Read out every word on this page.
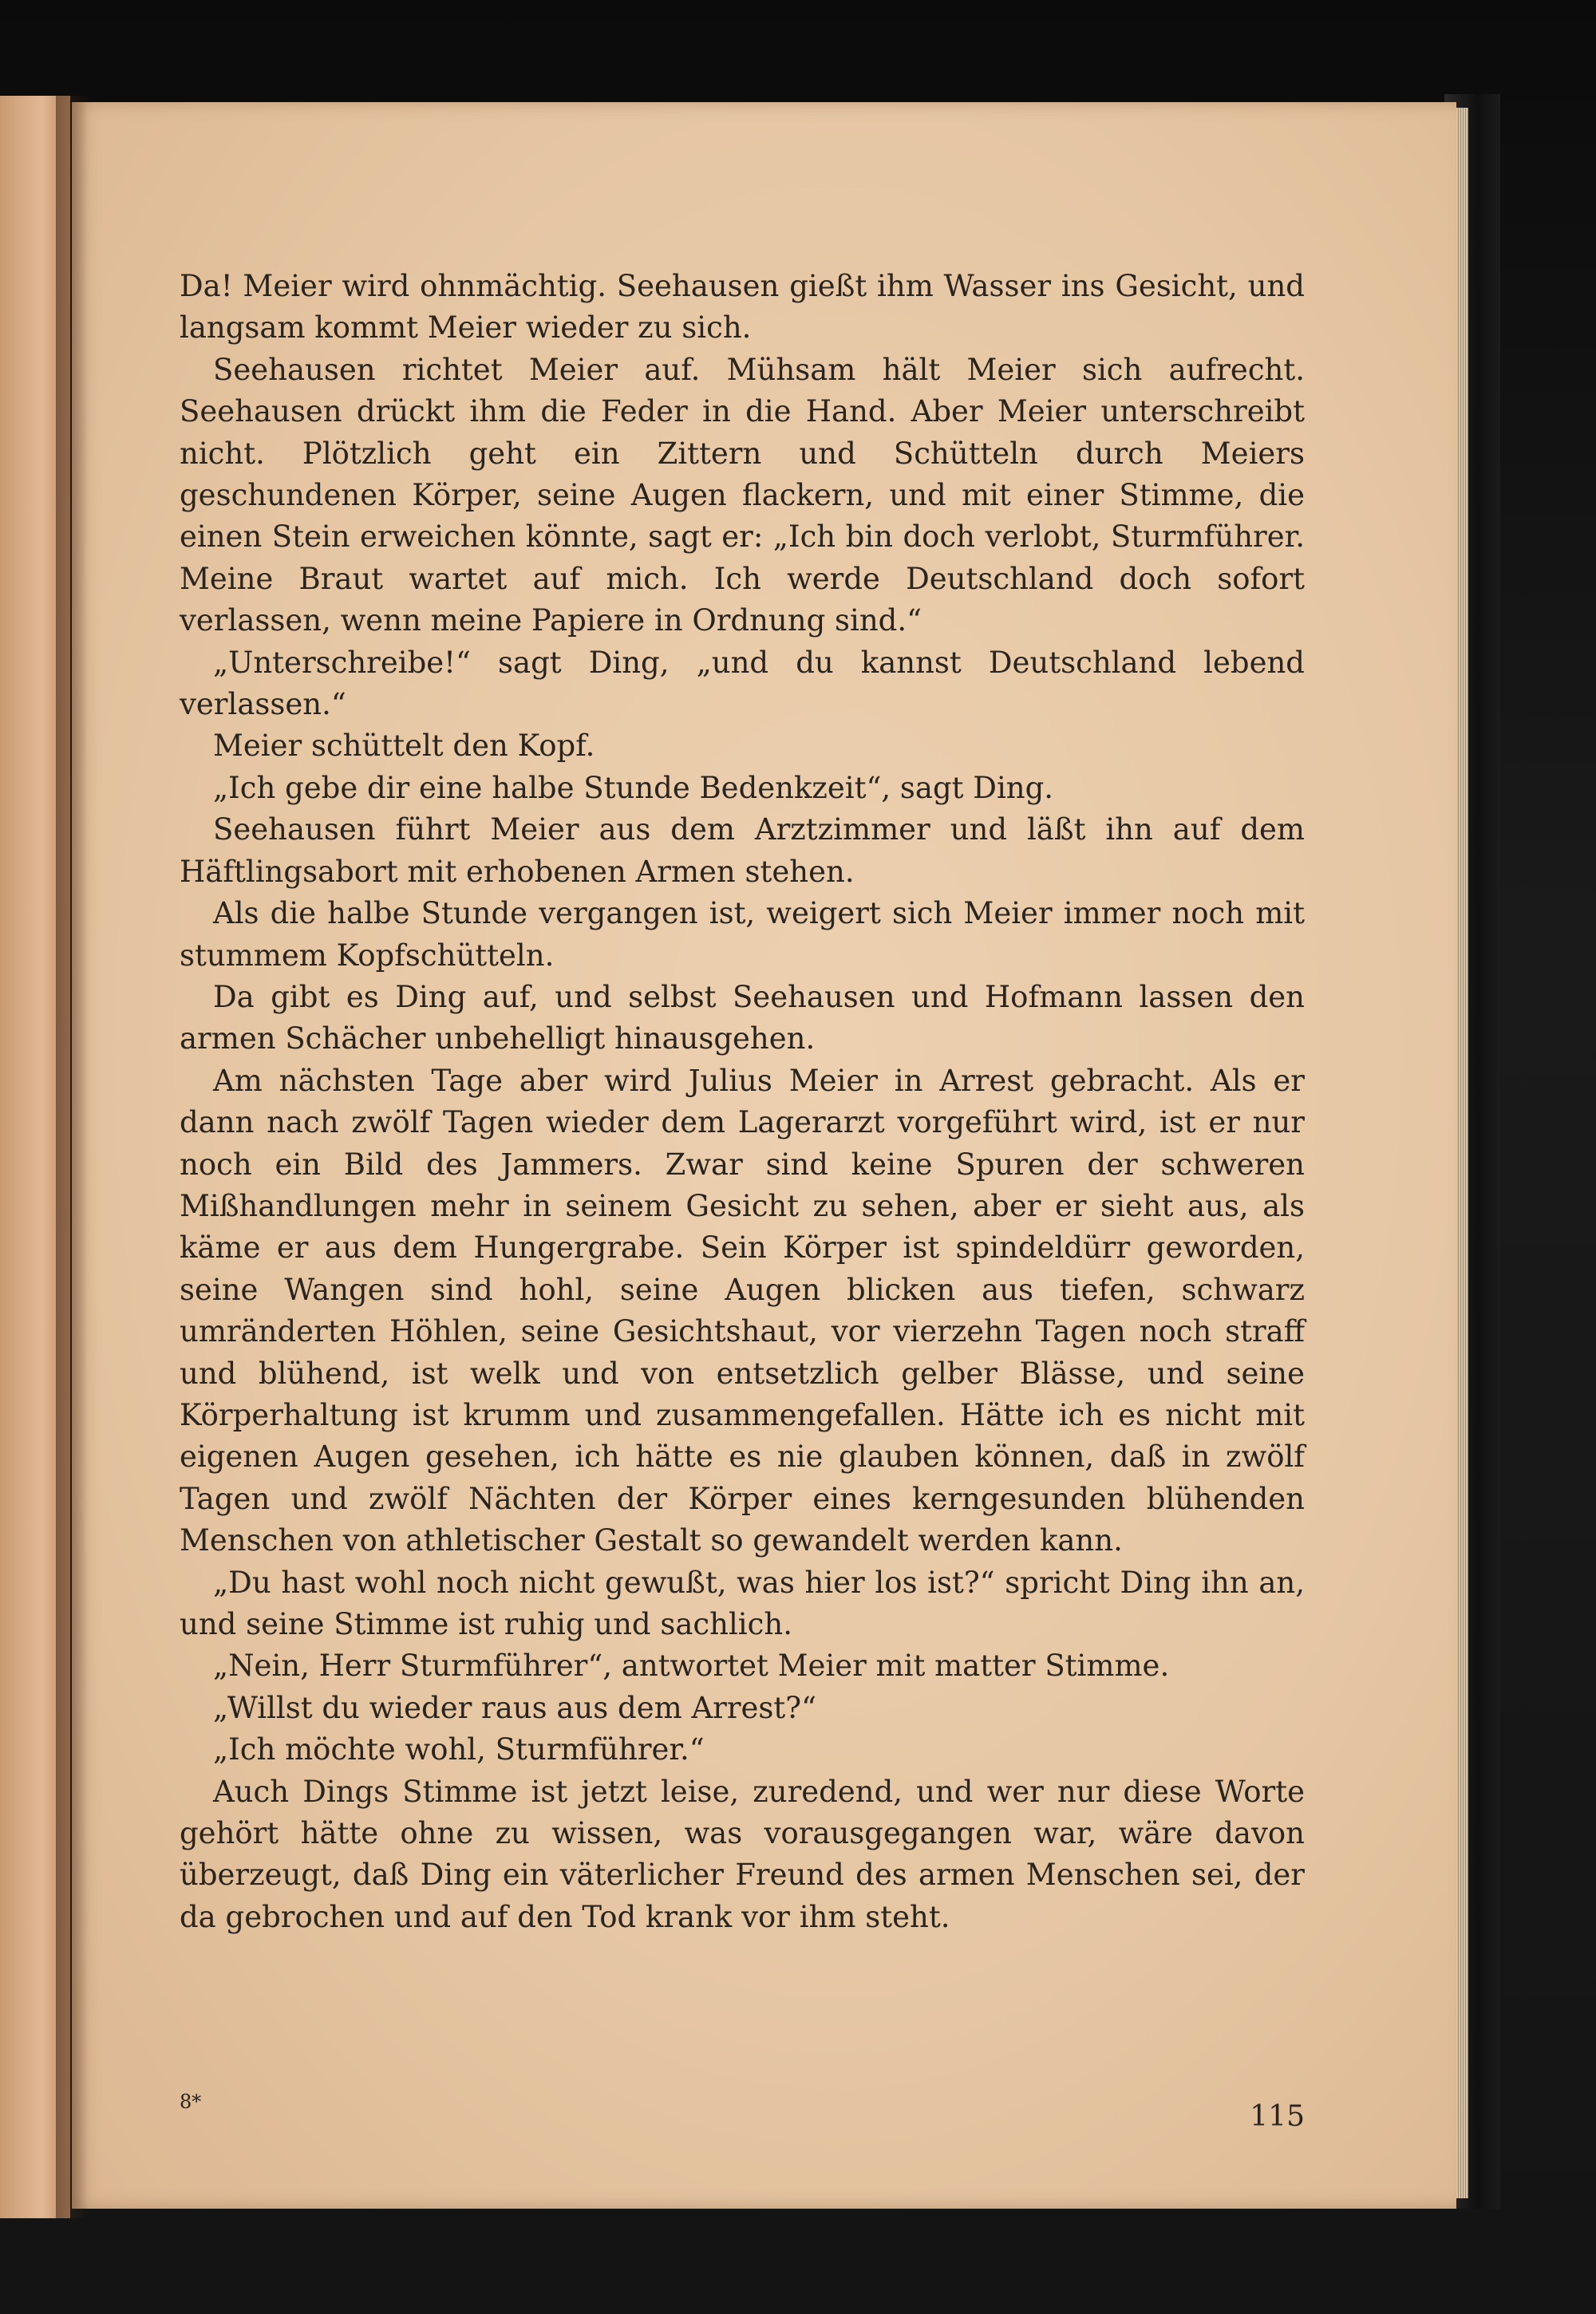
Da! Meier wird ohnmächtig. Seehausen gießt ihm Wasser ins Gesicht, und langsam kommt Meier wieder zu sich.

Seehausen richtet Meier auf. Mühsam hält Meier sich aufrecht. Seehausen drückt ihm die Feder in die Hand. Aber Meier unterschreibt nicht. Plötzlich geht ein Zittern und Schütteln durch Meiers geschundenen Körper, seine Augen flackern, und mit einer Stimme, die einen Stein erweichen könnte, sagt er: „Ich bin doch verlobt, Sturmführer. Meine Braut wartet auf mich. Ich werde Deutschland doch sofort verlassen, wenn meine Papiere in Ordnung sind.“

„Unterschreibe!“ sagt Ding, „und du kannst Deutschland lebend verlassen.“

Meier schüttelt den Kopf.

„Ich gebe dir eine halbe Stunde Bedenkzeit“, sagt Ding.

Seehausen führt Meier aus dem Arztzimmer und läßt ihn auf dem Häftlingsabort mit erhobenen Armen stehen.

Als die halbe Stunde vergangen ist, weigert sich Meier immer noch mit stummem Kopfschütteln.

Da gibt es Ding auf, und selbst Seehausen und Hofmann lassen den armen Schächer unbehelligt hinausgehen.

Am nächsten Tage aber wird Julius Meier in Arrest gebracht. Als er dann nach zwölf Tagen wieder dem Lagerarzt vorgeführt wird, ist er nur noch ein Bild des Jammers. Zwar sind keine Spuren der schweren Mißhandlungen mehr in seinem Gesicht zu sehen, aber er sieht aus, als käme er aus dem Hungergrabe. Sein Körper ist spindeldürr geworden, seine Wangen sind hohl, seine Augen blicken aus tiefen, schwarz umränderten Höhlen, seine Gesichtshaut, vor vierzehn Tagen noch straff und blühend, ist welk und von entsetzlich gelber Blässe, und seine Körperhaltung ist krumm und zusammengefallen. Hätte ich es nicht mit eigenen Augen gesehen, ich hätte es nie glauben können, daß in zwölf Tagen und zwölf Nächten der Körper eines kerngesunden blühenden Menschen von athletischer Gestalt so gewandelt werden kann.

„Du hast wohl noch nicht gewußt, was hier los ist?“ spricht Ding ihn an, und seine Stimme ist ruhig und sachlich.

„Nein, Herr Sturmführer“, antwortet Meier mit matter Stimme.

„Willst du wieder raus aus dem Arrest?“

„Ich möchte wohl, Sturmführer.“

Auch Dings Stimme ist jetzt leise, zuredend, und wer nur diese Worte gehört hätte ohne zu wissen, was vorausgegangen war, wäre davon überzeugt, daß Ding ein väterlicher Freund des armen Menschen sei, der da gebrochen und auf den Tod krank vor ihm steht.

8*	115
